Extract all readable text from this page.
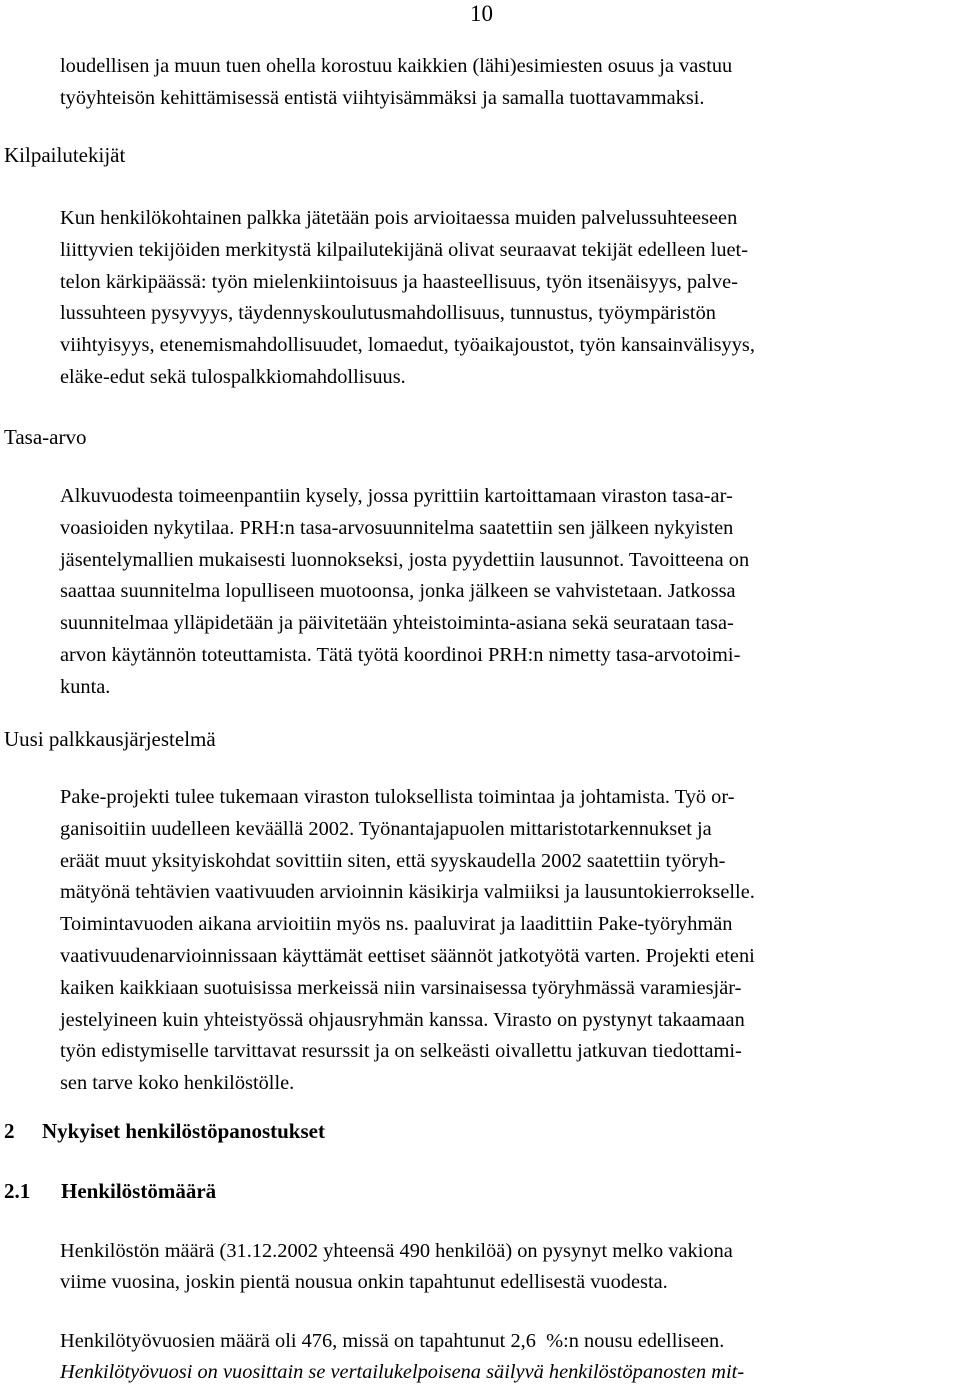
10
loudellisen ja muun tuen ohella korostuu kaikkien (lähi)esimiesten osuus ja vastuu
työyhteisön kehittämisessä entistä viihtyisämmäksi ja samalla tuottavammaksi.
Kilpailutekijät
Kun henkilökohtainen palkka jätetään pois arvioitaessa muiden palvelussuhteeseen
liittyvien tekijöiden merkitystä kilpailutekijänä olivat seuraavat tekijät edelleen luet-
telon kärkipäässä: työn mielenkiintoisuus ja haasteellisuus, työn itsenäisyys, palve-
lussuhteen pysyvyys, täydennyskoulutusmahdollisuus, tunnustus, työympäristön
viihtyisyys, etenemismahdollisuudet, lomaedut, työaikajoustot, työn kansainvälisyys,
eläke-edut sekä tulospalkkiomahdollisuus.
Tasa-arvo
Alkuvuodesta toimeenpantiin kysely, jossa pyrittiin kartoittamaan viraston tasa-ar-
voasioiden nykytilaa. PRH:n tasa-arvosuunnitelma saatettiin sen jälkeen nykyisten
jäsentelymallien mukaisesti luonnokseksi, josta pyydettiin lausunnot. Tavoitteena on
saattaa suunnitelma lopulliseen muotoonsa, jonka jälkeen se vahvistetaan. Jatkossa
suunnitelmaa ylläpidetään ja päivitetään yhteistoiminta-asiana sekä seurataan tasa-
arvon käytännön toteuttamista. Tätä työtä koordinoi PRH:n nimetty tasa-arvotoimi-
kunta.
Uusi palkkausjärjestelmä
Pake-projekti tulee tukemaan viraston tuloksellista toimintaa ja johtamista. Työ or-
ganisoitiin uudelleen keväällä 2002. Työnantajapuolen mittaristotarkennukset ja
eräät muut yksityiskohdat sovittiin siten, että syyskaudella 2002 saatettiin työryh-
mätyönä tehtävien vaativuuden arvioinnin käsikirja valmiiksi ja lausuntokierrokselle.
Toimintavuoden aikana arvioitiin myös ns. paaluvirat ja laadittiin Pake-työryhmän
vaativuudenarvioinnissaan käyttämät eettiset säännöt jatkotyötä varten. Projekti eteni
kaiken kaikkiaan suotuisissa merkeissä niin varsinaisessa työryhmässä varamiesjär-
jestelyineen kuin yhteistyössä ohjausryhmän kanssa. Virasto on pystynyt takaamaan
työn edistymiselle tarvittavat resurssit ja on selkeästi oivallettu jatkuvan tiedottami-
sen tarve koko henkilöstölle.
2 Nykyiset henkilöstöpanostukset
2.1 Henkilöstömäärä
Henkilöstön määrä (31.12.2002 yhteensä 490 henkilöä) on pysynyt melko vakiona
viime vuosina, joskin pientä nousua onkin tapahtunut edellisestä vuodesta.
Henkilötyövuosien määrä oli 476, missä on tapahtunut 2,6  %:n nousu edelliseen.
Henkilötyövuosi on vuosittain se vertailukelpoisena säilyvä henkilöstöpanosten mit-
